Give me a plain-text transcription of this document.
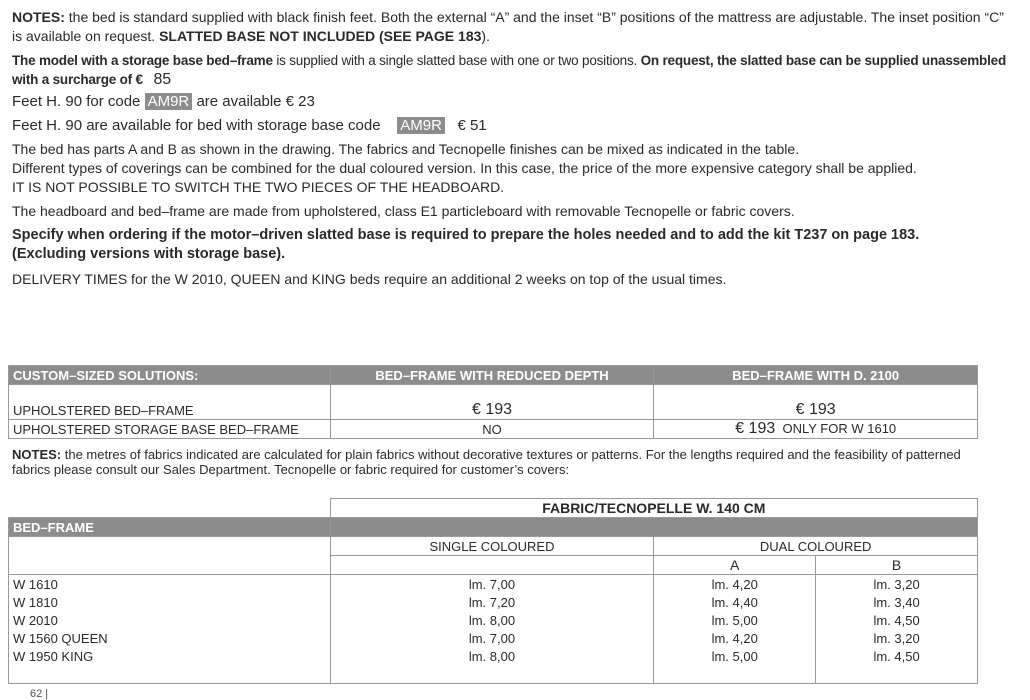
NOTES: the bed is standard supplied with black finish feet. Both the external “A” and the inset “B” positions of the mattress are adjustable. The inset position “C” is available on request. SLATTED BASE NOT INCLUDED (SEE PAGE 183).

The model with a storage base bed–frame is supplied with a single slatted base with one or two positions. On request, the slatted base can be supplied unassembled with a surcharge of € 85

Feet H. 90 for code AM9R are available € 23

Feet H. 90 are available for bed with storage base code AM9R € 51

The bed has parts A and B as shown in the drawing. The fabrics and Tecnopelle finishes can be mixed as indicated in the table.
Different types of coverings can be combined for the dual coloured version. In this case, the price of the more expensive category shall be applied.
IT IS NOT POSSIBLE TO SWITCH THE TWO PIECES OF THE HEADBOARD.

The headboard and bed–frame are made from upholstered, class E1 particleboard with removable Tecnopelle or fabric covers.

Specify when ordering if the motor–driven slatted base is required to prepare the holes needed and to add the kit T237 on page 183.
(Excluding versions with storage base).

DELIVERY TIMES for the W 2010, QUEEN and KING beds require an additional 2 weeks on top of the usual times.

CUSTOM–SIZED SOLUTIONS:	BED–FRAME WITH REDUCED DEPTH	BED–FRAME WITH D. 2100

UPHOLSTERED BED–FRAME	€ 193	€ 193
UPHOLSTERED STORAGE BASE BED–FRAME	NO	€ 193 ONLY FOR W 1610
NOTES: the metres of fabrics indicated are calculated for plain fabrics without decorative textures or patterns. For the lengths required and the feasibility of patterned fabrics please consult our Sales Department. Tecnopelle or fabric required for customer’s covers:
	FABRIC/TECNOPELLE W. 140 CM		
BED–FRAME			
	SINGLE COLOURED	DUAL COLOURED	
		A	B
W 1610	lm. 7,00	lm. 4,20	lm. 3,20
W 1810	lm. 7,20	lm. 4,40	lm. 3,40
W 2010	lm. 8,00	lm. 5,00	lm. 4,50
W 1560 QUEEN	lm. 7,00	lm. 4,20	lm. 3,20
W 1950 KING	lm. 8,00	lm. 5,00	lm. 4,50

62 |
